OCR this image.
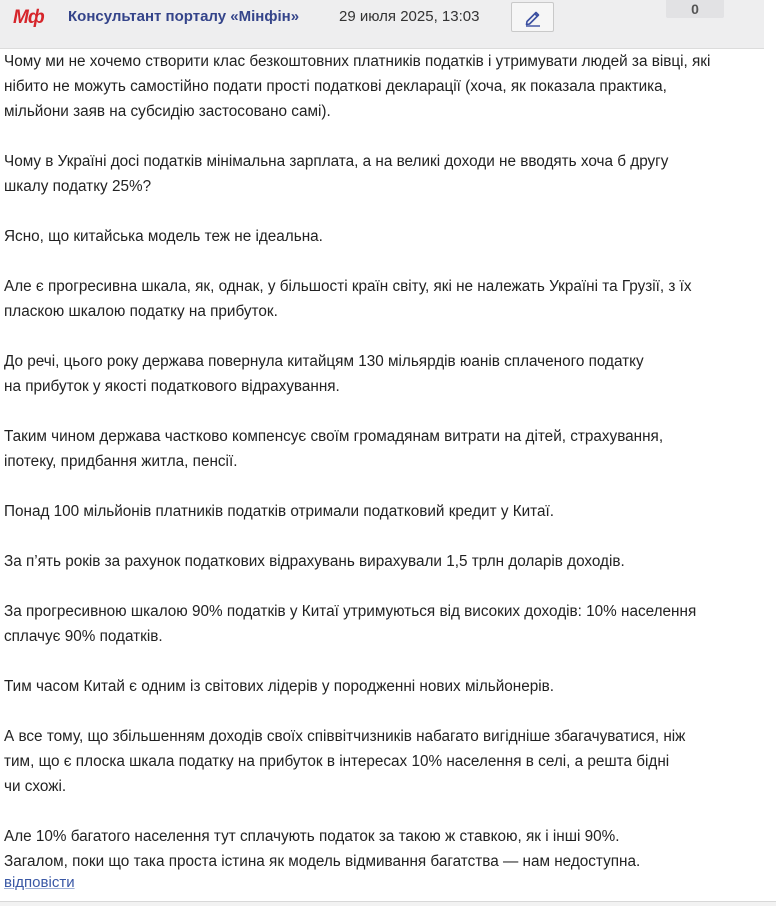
Мф	Консультант порталу «Мінфін»	29 июля 2025, 13:03	0

Чому ми не хочемо створити клас безкоштовних платників податків і утримувати людей за вівці, які
нібито не можуть самостійно подати прості податкові декларації (хоча, як показала практика,
мільйони заяв на субсидію застосовано самі).

Чому в Україні досі податків мінімальна зарплата, а на великі доходи не вводять хоча б другу
шкалу податку 25%?

Ясно, що китайська модель теж не ідеальна.

Але є прогресивна шкала, як, однак, у більшості країн світу, які не належать Україні та Грузії, з їх
пласкою шкалою податку на прибуток.

До речі, цього року держава повернула китайцям 130 мільярдів юанів сплаченого податку
на прибуток у якості податкового відрахування.

Таким чином держава частково компенсує своїм громадянам витрати на дітей, страхування,
іпотеку, придбання житла, пенсії.

Понад 100 мільйонів платників податків отримали податковий кредит у Китаї.

За п’ять років за рахунок податкових відрахувань вирахували 1,5 трлн доларів доходів.

За прогресивною шкалою 90% податків у Китаї утримуються від високих доходів: 10% населення
сплачує 90% податків.

Тим часом Китай є одним із світових лідерів у породженні нових мільйонерів.

А все тому, що збільшенням доходів своїх співвітчизників набагато вигідніше збагачуватися, ніж
тим, що є плоска шкала податку на прибуток в інтересах 10% населення в селі, а решта бідні
чи схожі.

Але 10% багатого населення тут сплачують податок за такою ж ставкою, як і інші 90%.
Загалом, поки що така проста істина як модель відмивання багатства — нам недоступна.

відповісти
